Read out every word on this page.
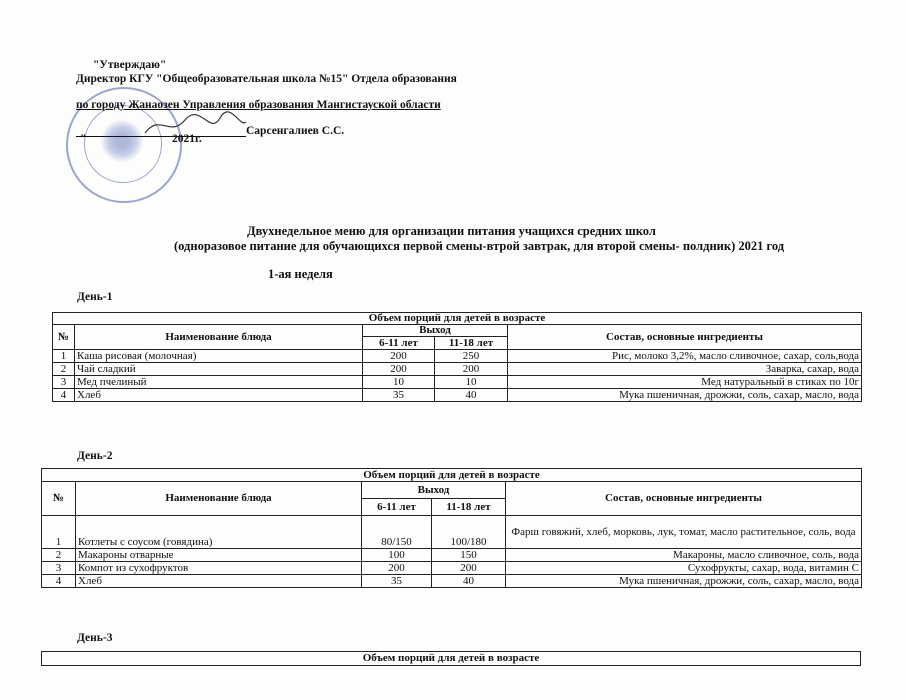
"Утверждаю"
Директор КГУ "Общеобразовательная школа №15" Отдела образования
по городу Жанаозен Управления образования Мангистауской области
Сарсенгалиев С.С.
"	2021г.
Двухнедельное меню для организации питания учащихся средних школ
(одноразовое питание для обучающихся первой смены-втрой завтрак, для второй смены- полдник) 2021 год
1-ая неделя
День-1
Объем порций для детей в возрасте				
№	Наименование блюда	Выход		Состав, основные ингредиенты
		6-11 лет	11-18 лет	
1	Каша рисовая (молочная)	200	250	Рис, молоко 3,2%, масло сливочное, сахар, соль,вода
2	Чай сладкий	200	200	Заварка, сахар, вода
3	Мед пчелиный	10	10	Мед натуральный в стиках по 10г
4	Хлеб	35	40	Мука пшеничная, дрожжи, соль, сахар, масло, вода
День-2
Объем порций для детей в возрасте				
№	Наименование блюда	Выход		Состав, основные ингредиенты
		6-11 лет	11-18 лет	
1	Котлеты с соусом (говядина)	80/150	100/180	Фарш говяжий, хлеб, морковь, лук, томат, масло растительное, соль, вода
2	Макароны отварные	100	150	Макароны, масло сливочное, соль, вода
3	Компот из сухофруктов	200	200	Сухофрукты, сахар, вода, витамин С
4	Хлеб	35	40	Мука пшеничная, дрожжи, соль, сахар, масло, вода
День-3
Объем порций для детей в возрасте
